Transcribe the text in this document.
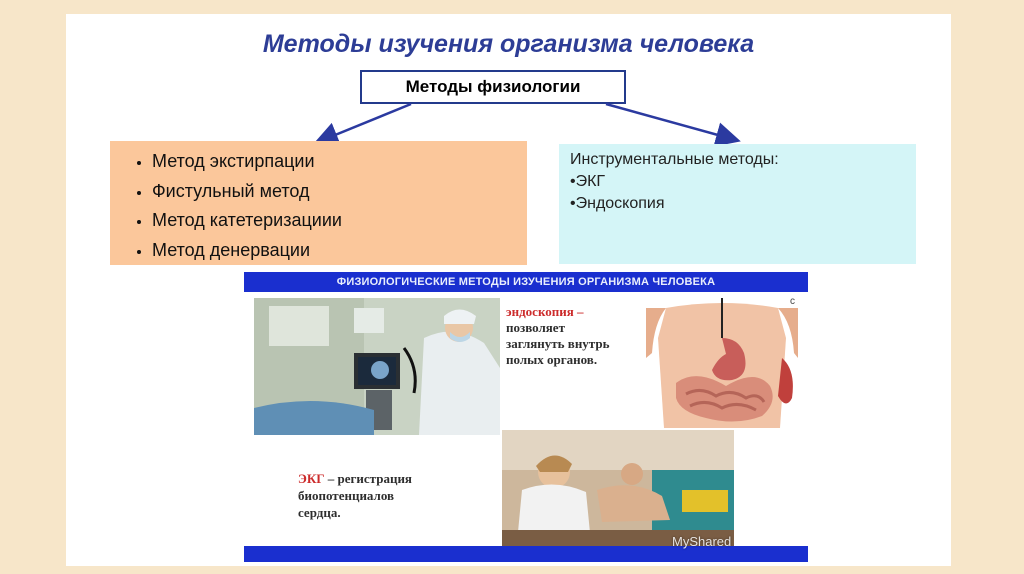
Методы изучения организма человека
Методы физиологии
• Метод экстирпации
• Фистульный метод
• Метод катетеризациии
• Метод денервации
Инструментальные методы:
•ЭКГ
•Эндоскопия
ФИЗИОЛОГИЧЕСКИЕ МЕТОДЫ ИЗУЧЕНИЯ ОРГАНИЗМА ЧЕЛОВЕКА
эндоскопия –
позволяет
заглянуть внутрь
полых органов.
с
ЭКГ – регистрация
биопотенциалов
сердца.
MyShared
